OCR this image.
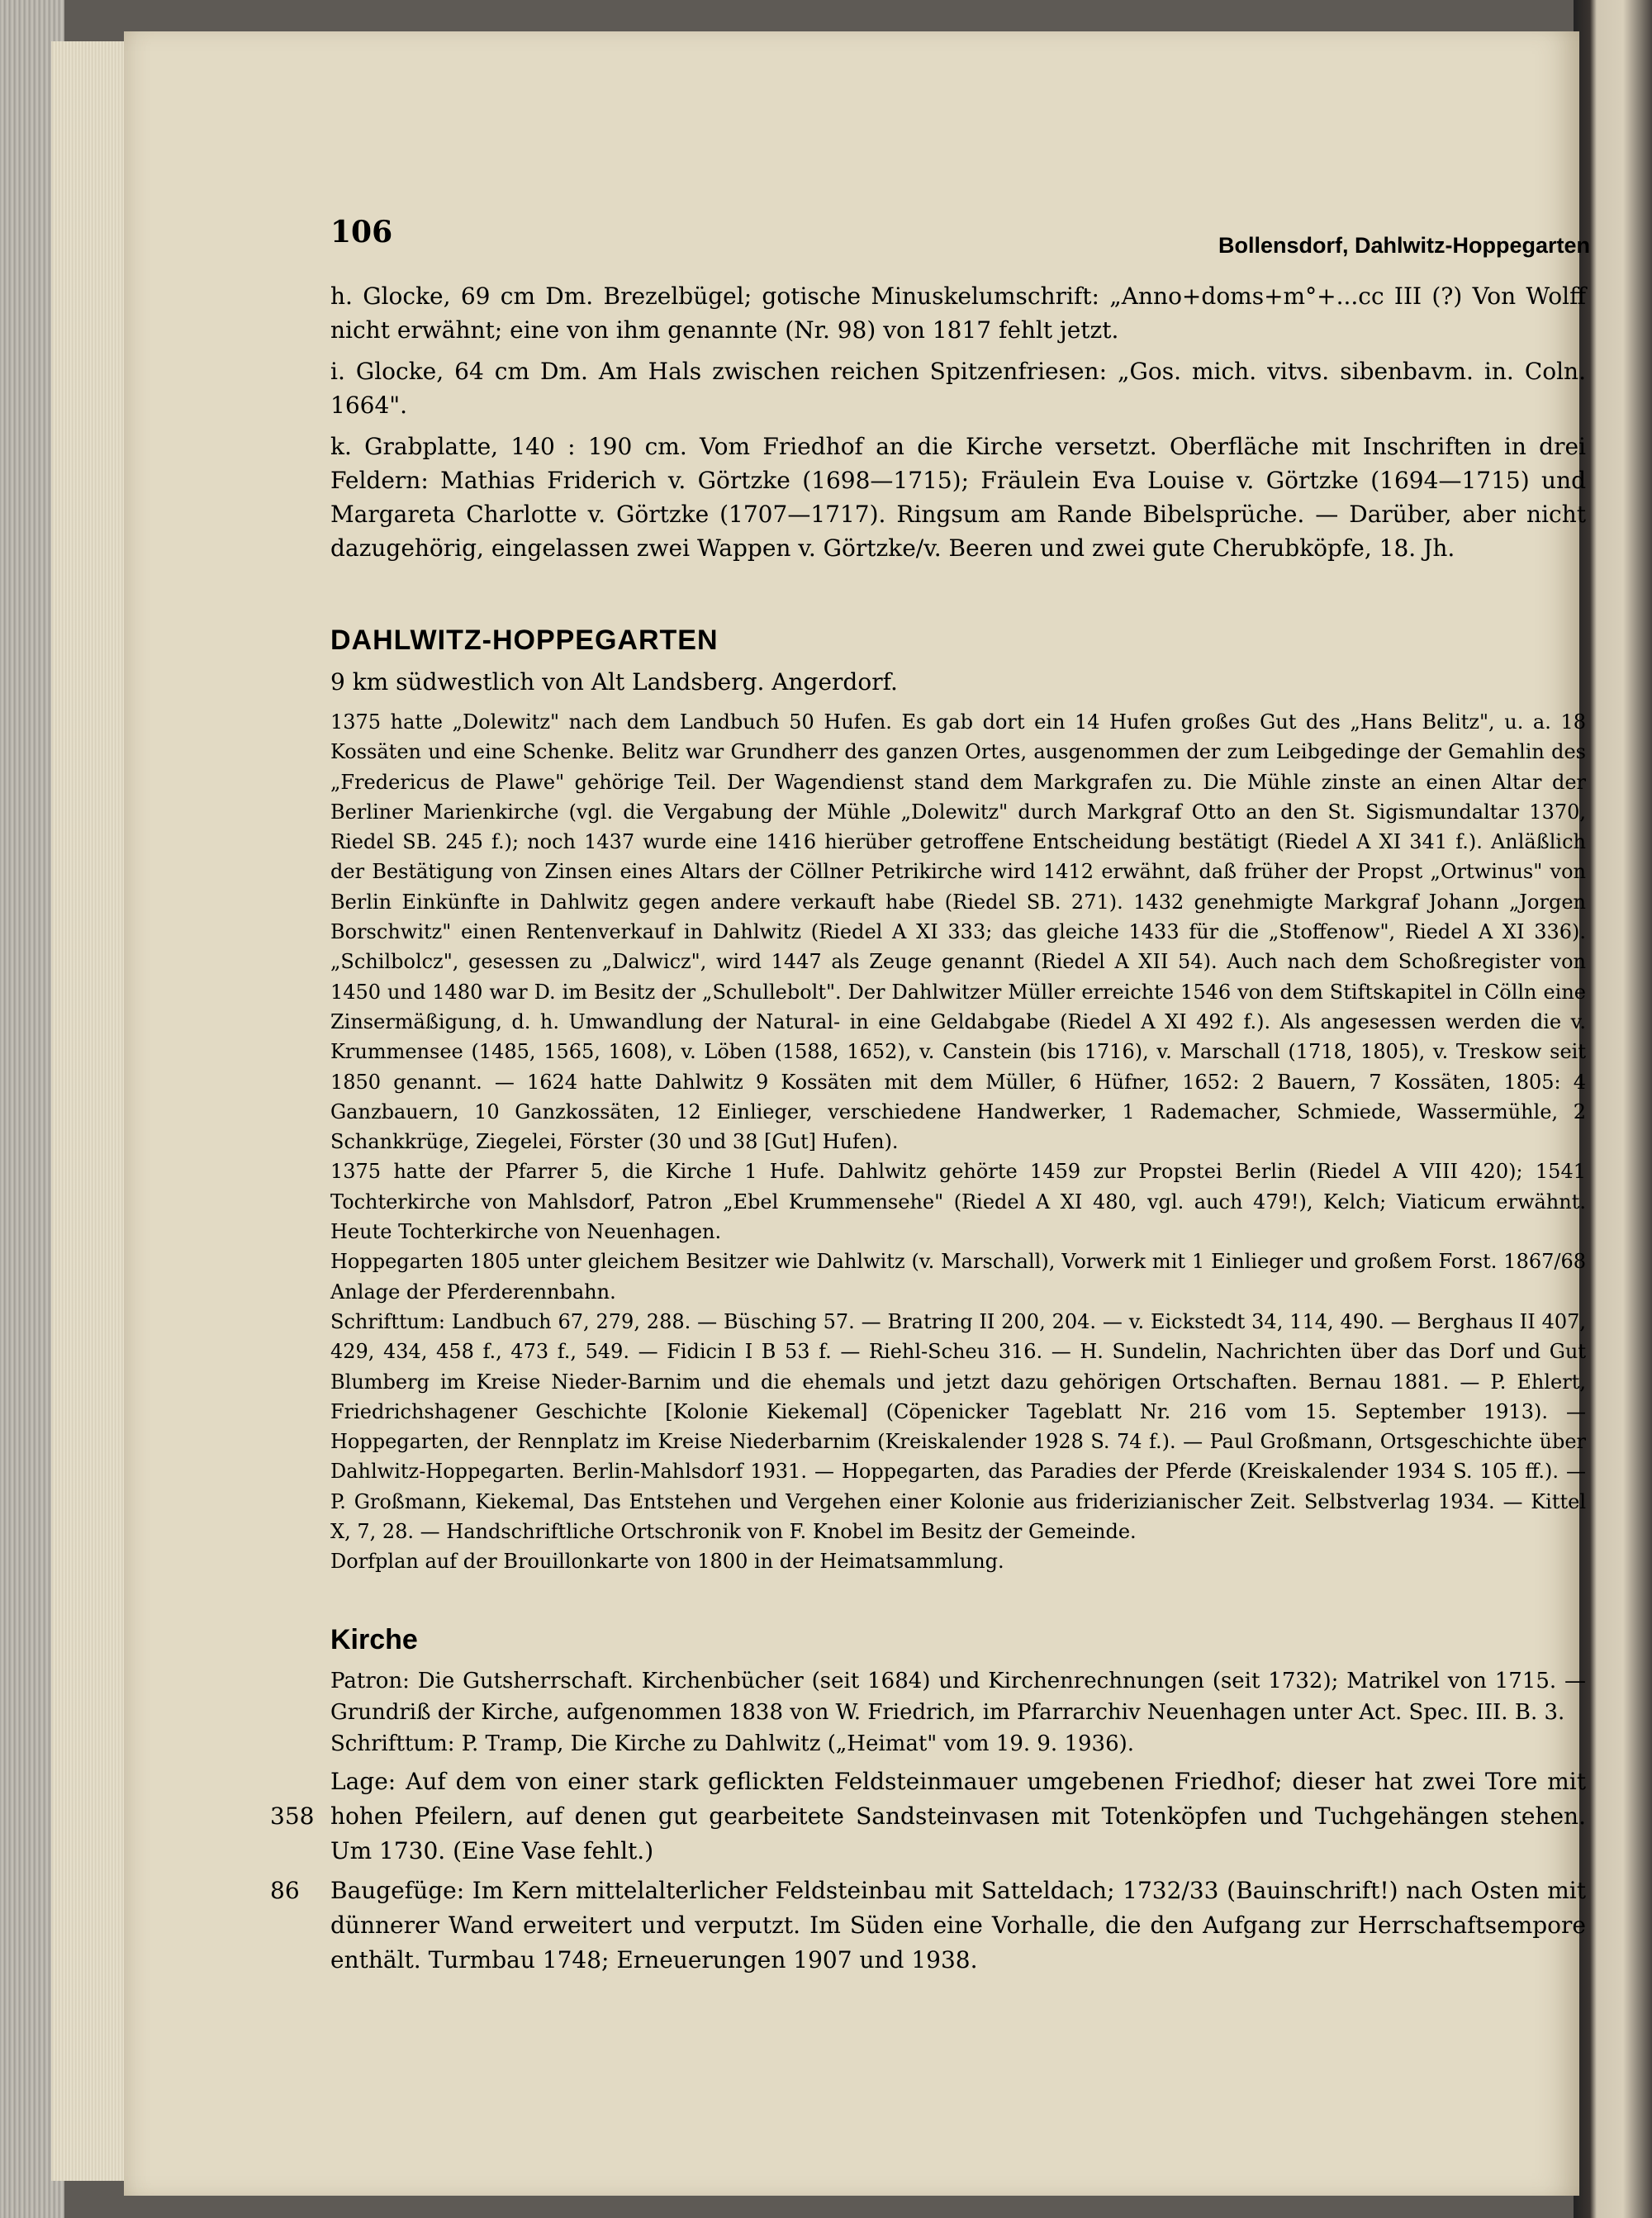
106	Bollensdorf, Dahlwitz-Hoppegarten

h. Glocke, 69 cm Dm. Brezelbügel; gotische Minuskelumschrift: „Anno+doms+m°+...cc III (?) Von Wolff nicht erwähnt; eine von ihm genannte (Nr. 98) von 1817 fehlt jetzt.

i. Glocke, 64 cm Dm. Am Hals zwischen reichen Spitzenfriesen: „Gos. mich. vitvs. sibenbavm. in. Coln. 1664".

k. Grabplatte, 140 : 190 cm. Vom Friedhof an die Kirche versetzt. Oberfläche mit Inschriften in drei Feldern: Mathias Friderich v. Görtzke (1698—1715); Fräulein Eva Louise v. Görtzke (1694—1715) und Margareta Charlotte v. Görtzke (1707—1717). Ringsum am Rande Bibelsprüche. — Darüber, aber nicht dazugehörig, eingelassen zwei Wappen v. Görtzke/v. Beeren und zwei gute Cherubköpfe, 18. Jh.

DAHLWITZ-HOPPEGARTEN
9 km südwestlich von Alt Landsberg. Angerdorf.

1375 hatte „Dolewitz" nach dem Landbuch 50 Hufen. Es gab dort ein 14 Hufen großes Gut des „Hans Belitz", u. a. 18 Kossäten und eine Schenke. Belitz war Grundherr des ganzen Ortes, ausgenommen der zum Leibgedinge der Gemahlin des „Fredericus de Plawe" gehörige Teil. Der Wagendienst stand dem Markgrafen zu. Die Mühle zinste an einen Altar der Berliner Marienkirche (vgl. die Vergabung der Mühle „Dolewitz" durch Markgraf Otto an den St. Sigismundaltar 1370, Riedel SB. 245 f.); noch 1437 wurde eine 1416 hierüber getroffene Entscheidung bestätigt (Riedel A XI 341 f.). Anläßlich der Bestätigung von Zinsen eines Altars der Cöllner Petrikirche wird 1412 erwähnt, daß früher der Propst „Ortwinus" von Berlin Einkünfte in Dahlwitz gegen andere verkauft habe (Riedel SB. 271). 1432 genehmigte Markgraf Johann „Jorgen Borschwitz" einen Rentenverkauf in Dahlwitz (Riedel A XI 333; das gleiche 1433 für die „Stoffenow", Riedel A XI 336). „Schilbolcz", gesessen zu „Dalwicz", wird 1447 als Zeuge genannt (Riedel A XII 54). Auch nach dem Schoßregister von 1450 und 1480 war D. im Besitz der „Schullebolt". Der Dahlwitzer Müller erreichte 1546 von dem Stiftskapitel in Cölln eine Zinsermäßigung, d. h. Umwandlung der Natural- in eine Geldabgabe (Riedel A XI 492 f.). Als angesessen werden die v. Krummensee (1485, 1565, 1608), v. Löben (1588, 1652), v. Canstein (bis 1716), v. Marschall (1718, 1805), v. Treskow seit 1850 genannt. — 1624 hatte Dahlwitz 9 Kossäten mit dem Müller, 6 Hüfner, 1652: 2 Bauern, 7 Kossäten, 1805: 4 Ganzbauern, 10 Ganzkossäten, 12 Einlieger, verschiedene Handwerker, 1 Rademacher, Schmiede, Wassermühle, 2 Schankkrüge, Ziegelei, Förster (30 und 38 [Gut] Hufen).

1375 hatte der Pfarrer 5, die Kirche 1 Hufe. Dahlwitz gehörte 1459 zur Propstei Berlin (Riedel A VIII 420); 1541 Tochterkirche von Mahlsdorf, Patron „Ebel Krummensehe" (Riedel A XI 480, vgl. auch 479!), Kelch; Viaticum erwähnt. Heute Tochterkirche von Neuenhagen.

Hoppegarten 1805 unter gleichem Besitzer wie Dahlwitz (v. Marschall), Vorwerk mit 1 Einlieger und großem Forst. 1867/68 Anlage der Pferderennbahn.

Schrifttum: Landbuch 67, 279, 288. — Büsching 57. — Bratring II 200, 204. — v. Eickstedt 34, 114, 490. — Berghaus II 407, 429, 434, 458 f., 473 f., 549. — Fidicin I B 53 f. — Riehl-Scheu 316. — H. Sundelin, Nachrichten über das Dorf und Gut Blumberg im Kreise Nieder-Barnim und die ehemals und jetzt dazu gehörigen Ortschaften. Bernau 1881. — P. Ehlert, Friedrichshagener Geschichte [Kolonie Kiekemal] (Cöpenicker Tageblatt Nr. 216 vom 15. September 1913). — Hoppegarten, der Rennplatz im Kreise Niederbarnim (Kreiskalender 1928 S. 74 f.). — Paul Großmann, Ortsgeschichte über Dahlwitz-Hoppegarten. Berlin-Mahlsdorf 1931. — Hoppegarten, das Paradies der Pferde (Kreiskalender 1934 S. 105 ff.). — P. Großmann, Kiekemal, Das Entstehen und Vergehen einer Kolonie aus friderizianischer Zeit. Selbstverlag 1934. — Kittel X, 7, 28. — Handschriftliche Ortschronik von F. Knobel im Besitz der Gemeinde.

Dorfplan auf der Brouillonkarte von 1800 in der Heimatsammlung.

Kirche

Patron: Die Gutsherrschaft. Kirchenbücher (seit 1684) und Kirchenrechnungen (seit 1732); Matrikel von 1715. — Grundriß der Kirche, aufgenommen 1838 von W. Friedrich, im Pfarrarchiv Neuenhagen unter Act. Spec. III. B. 3.

Schrifttum: P. Tramp, Die Kirche zu Dahlwitz („Heimat" vom 19. 9. 1936).

358
Lage: Auf dem von einer stark geflickten Feldsteinmauer umgebenen Friedhof; dieser hat zwei Tore mit hohen Pfeilern, auf denen gut gearbeitete Sandsteinvasen mit Totenköpfen und Tuchgehängen stehen. Um 1730. (Eine Vase fehlt.)

86 Baugefüge: Im Kern mittelalterlicher Feldsteinbau mit Satteldach; 1732/33 (Bauinschrift!) nach Osten mit dünnerer Wand erweitert und verputzt. Im Süden eine Vorhalle, die den Aufgang zur Herrschaftsempore enthält. Turmbau 1748; Erneuerungen 1907 und 1938.
